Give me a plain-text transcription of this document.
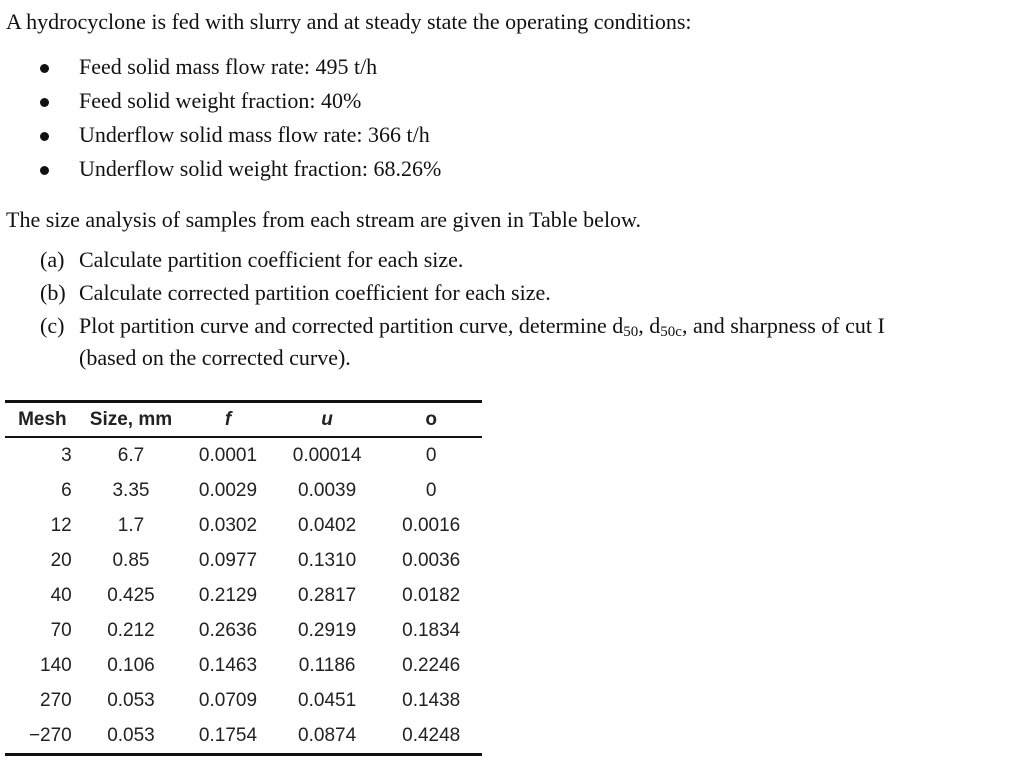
A hydrocyclone is fed with slurry and at steady state the operating conditions:
Feed solid mass flow rate: 495 t/h
Feed solid weight fraction: 40%
Underflow solid mass flow rate: 366 t/h
Underflow solid weight fraction: 68.26%
The size analysis of samples from each stream are given in Table below.
(a) Calculate partition coefficient for each size.
(b) Calculate corrected partition coefficient for each size.
(c) Plot partition curve and corrected partition curve, determine $d_{50}$, $d_{50c}$, and sharpness of cut I
(based on the corrected curve).
Mesh	Size, mm	f	u	o
3	6.7	0.0001	0.00014	0
6	3.35	0.0029	0.0039	0
12	1.7	0.0302	0.0402	0.0016
20	0.85	0.0977	0.1310	0.0036
40	0.425	0.2129	0.2817	0.0182
70	0.212	0.2636	0.2919	0.1834
140	0.106	0.1463	0.1186	0.2246
270	0.053	0.0709	0.0451	0.1438
−270	0.053	0.1754	0.0874	0.4248
